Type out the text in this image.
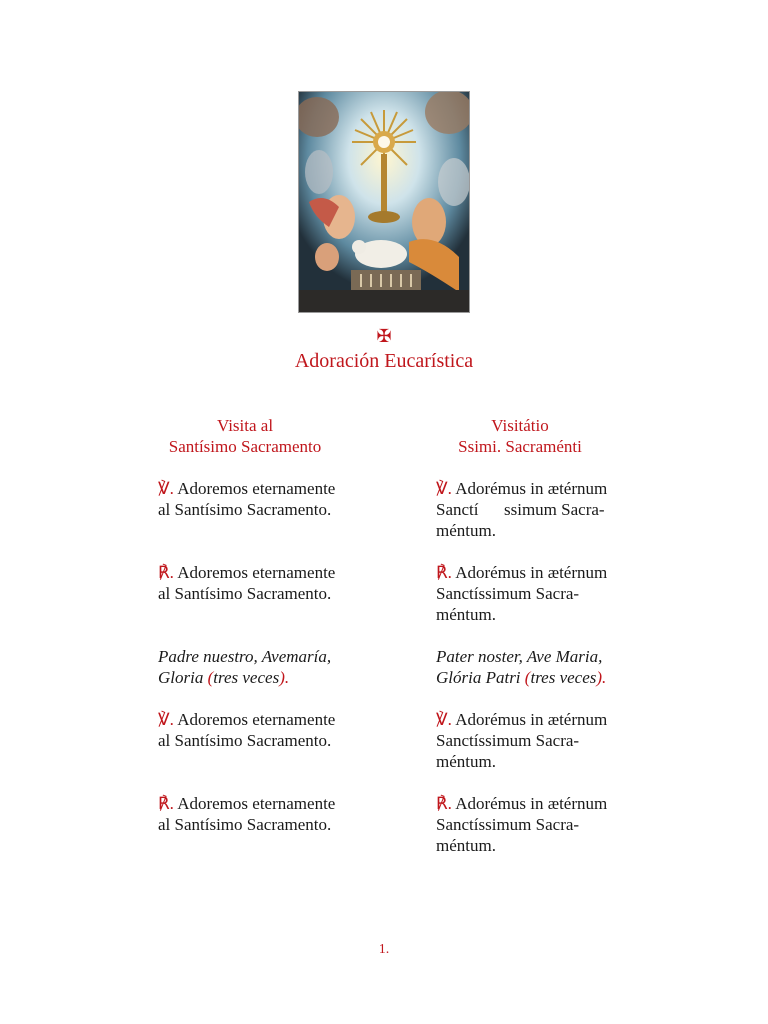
✠
Adoración Eucarística
Visita al
Santísimo Sacramento
Visitátio
Ssimi. Sacraménti
℣. Adoremos eternamente
al Santísimo Sacramento.
℟. Adoremos eternamente
al Santísimo Sacramento.
Padre nuestro, Avemaría,
Gloria (tres veces).
℣. Adoremos eternamente
al Santísimo Sacramento.
℟. Adoremos eternamente
al Santísimo Sacramento.
℣. Adorémus in ætérnum
Sanctí      ssimum Sacra-
méntum.
℟. Adorémus in ætérnum
Sanctíssimum Sacra-
méntum.
Pater noster, Ave Maria,
Glória Patri (tres veces).
℣. Adorémus in ætérnum
Sanctíssimum Sacra-
méntum.
℟. Adorémus in ætérnum
Sanctíssimum Sacra-
méntum.
1.
